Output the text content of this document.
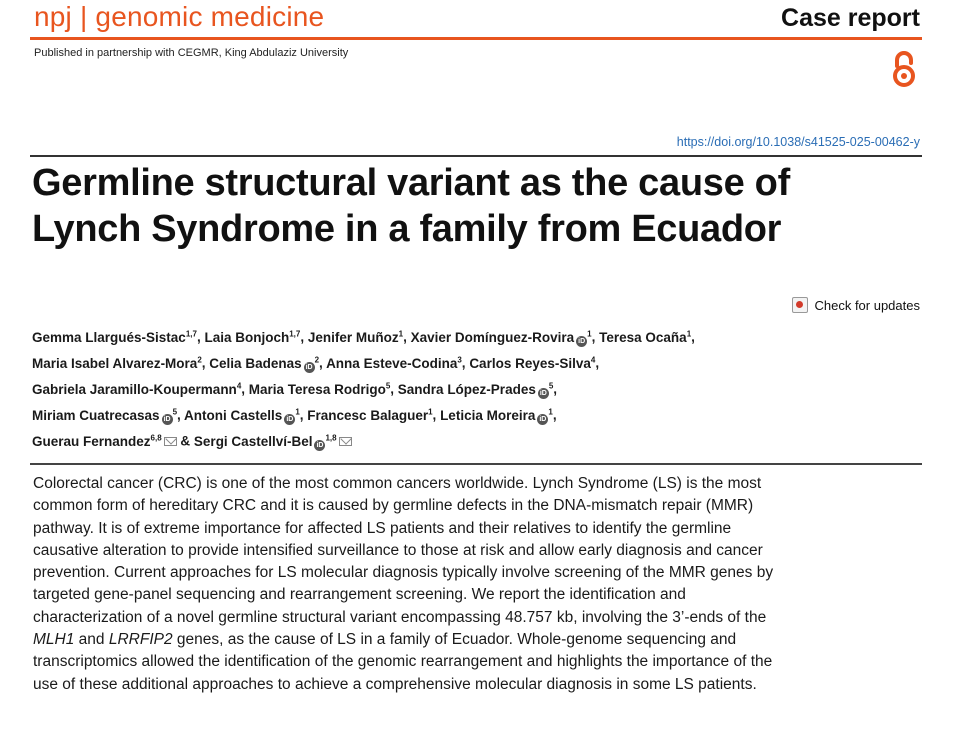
npj | genomic medicine	Case report
Published in partnership with CEGMR, King Abdulaziz University
https://doi.org/10.1038/s41525-025-00462-y
Germline structural variant as the cause of
Lynch Syndrome in a family from Ecuador
Check for updates
Gemma Llargués-Sistac$^{1,7}$, Laia Bonjoch$^{1,7}$, Jenifer Muñoz$^1$, Xavier Domínguez-Rovira iD$^1$, Teresa Ocaña$^1$,
Maria Isabel Alvarez-Mora$^2$, Celia Badenas iD$^2$, Anna Esteve-Codina$^3$, Carlos Reyes-Silva$^4$,
Gabriela Jaramillo-Koupermann$^4$, Maria Teresa Rodrigo$^5$, Sandra López-Prades iD$^5$,
Miriam Cuatrecasas iD$^5$, Antoni Castells iD$^1$, Francesc Balaguer$^1$, Leticia Moreira iD$^1$,
Guerau Fernandez$^{6,8}$ & Sergi Castellví-Bel iD$^{1,8}$
Colorectal cancer (CRC) is one of the most common cancers worldwide. Lynch Syndrome (LS) is the most common form of hereditary CRC and it is caused by germline defects in the DNA-mismatch repair (MMR) pathway. It is of extreme importance for affected LS patients and their relatives to identify the germline causative alteration to provide intensified surveillance to those at risk and allow early diagnosis and cancer prevention. Current approaches for LS molecular diagnosis typically involve screening of the MMR genes by targeted gene-panel sequencing and rearrangement screening. We report the identification and characterization of a novel germline structural variant encompassing 48.757 kb, involving the 3’-ends of the MLH1 and LRRFIP2 genes, as the cause of LS in a family of Ecuador. Whole-genome sequencing and transcriptomics allowed the identification of the genomic rearrangement and highlights the importance of the use of these additional approaches to achieve a comprehensive molecular diagnosis in some LS patients.
